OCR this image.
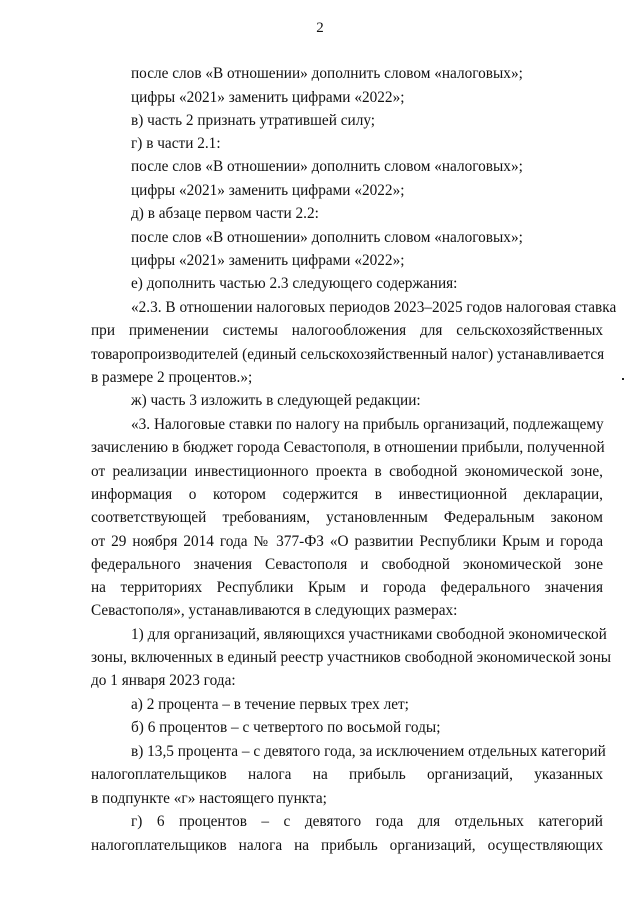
2
после слов «В отношении» дополнить словом «налоговых»;
цифры «2021» заменить цифрами «2022»;
в) часть 2 признать утратившей силу;
г) в части 2.1:
после слов «В отношении» дополнить словом «налоговых»;
цифры «2021» заменить цифрами «2022»;
д) в абзаце первом части 2.2:
после слов «В отношении» дополнить словом «налоговых»;
цифры «2021» заменить цифрами «2022»;
е) дополнить частью 2.3 следующего содержания:
«2.3. В отношении налоговых периодов 2023–2025 годов налоговая ставка
при применении системы налогообложения для сельскохозяйственных
товаропроизводителей (единый сельскохозяйственный налог) устанавливается
в размере 2 процентов.»;
ж) часть 3 изложить в следующей редакции:
«3. Налоговые ставки по налогу на прибыль организаций, подлежащему
зачислению в бюджет города Севастополя, в отношении прибыли, полученной
от реализации инвестиционного проекта в свободной экономической зоне,
информация о котором содержится в инвестиционной декларации,
соответствующей требованиям, установленным Федеральным законом
от 29 ноября 2014 года № 377-ФЗ «О развитии Республики Крым и города
федерального значения Севастополя и свободной экономической зоне
на территориях Республики Крым и города федерального значения
Севастополя», устанавливаются в следующих размерах:
1) для организаций, являющихся участниками свободной экономической
зоны, включенных в единый реестр участников свободной экономической зоны
до 1 января 2023 года:
а) 2 процента – в течение первых трех лет;
б) 6 процентов – с четвертого по восьмой годы;
в) 13,5 процента – с девятого года, за исключением отдельных категорий
налогоплательщиков налога на прибыль организаций, указанных
в подпункте «г» настоящего пункта;
г) 6 процентов – с девятого года для отдельных категорий
налогоплательщиков налога на прибыль организаций, осуществляющих
